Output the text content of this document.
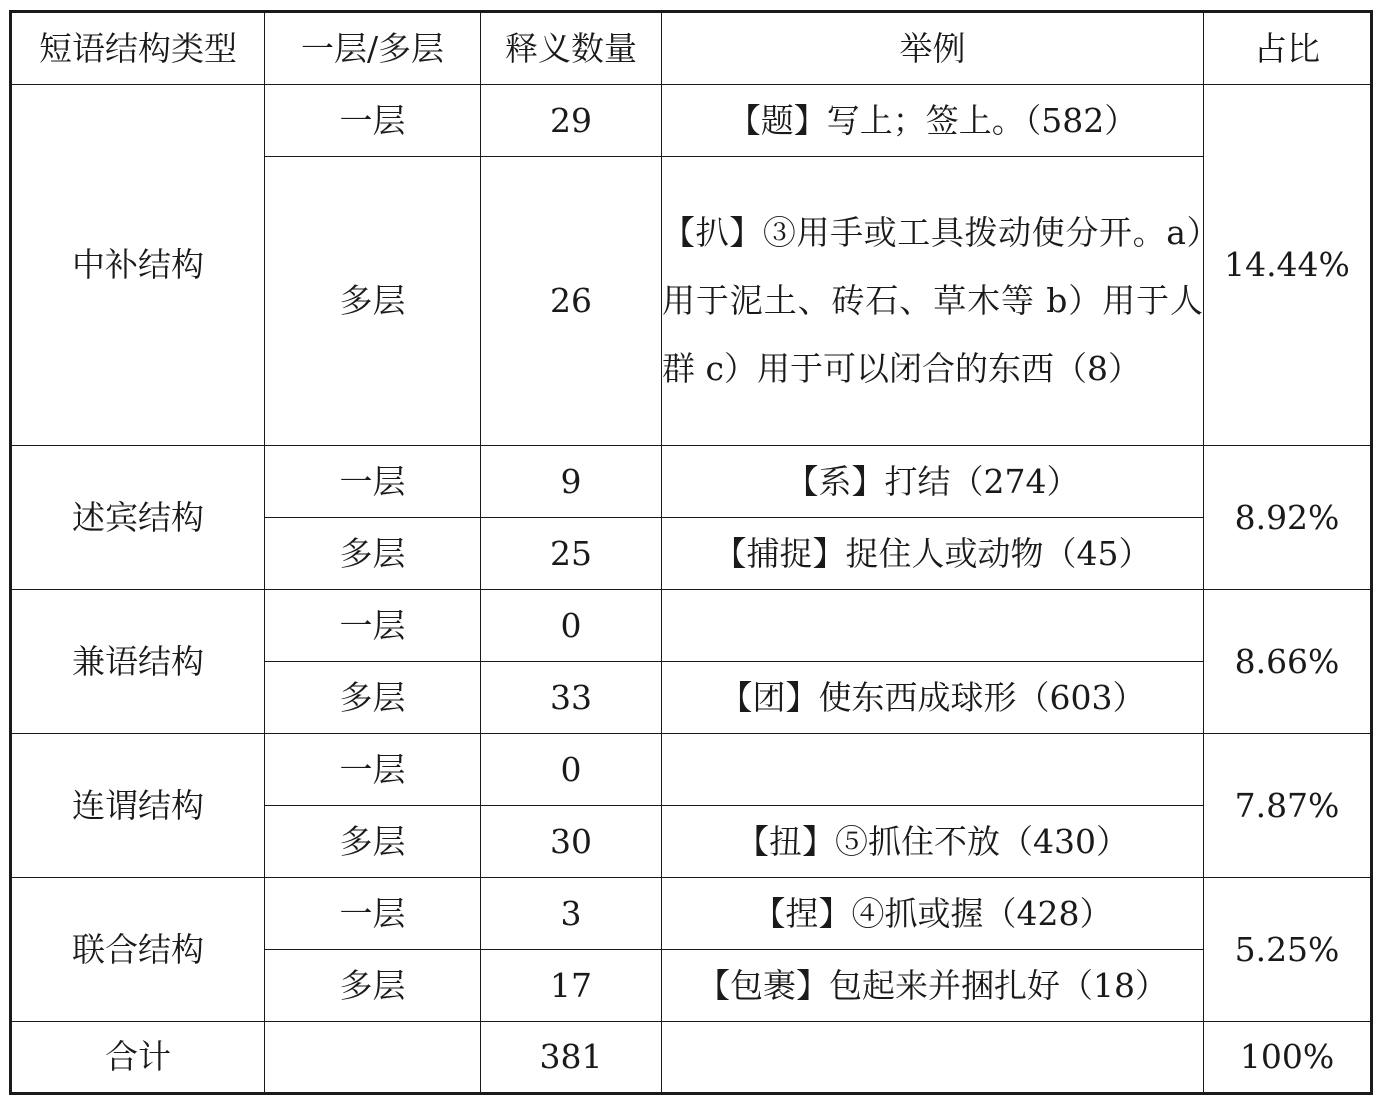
短语结构类型	一层/多层	释义数量	举例	占比
中补结构	一层	29	【题】写上；签上。（582）	14.44%
	多层	26	【扒】③用手或工具拨动使分开。a）用于泥土、砖石、草木等 b）用于人群 c）用于可以闭合的东西（8）	
述宾结构	一层	9	【系】打结（274）	8.92%
	多层	25	【捕捉】捉住人或动物（45）	
兼语结构	一层	0		8.66%
	多层	33	【团】使东西成球形（603）	
连谓结构	一层	0		7.87%
	多层	30	【扭】⑤抓住不放（430）	
联合结构	一层	3	【捏】④抓或握（428）	5.25%
	多层	17	【包裹】包起来并捆扎好（18）	
合计		381		100%
